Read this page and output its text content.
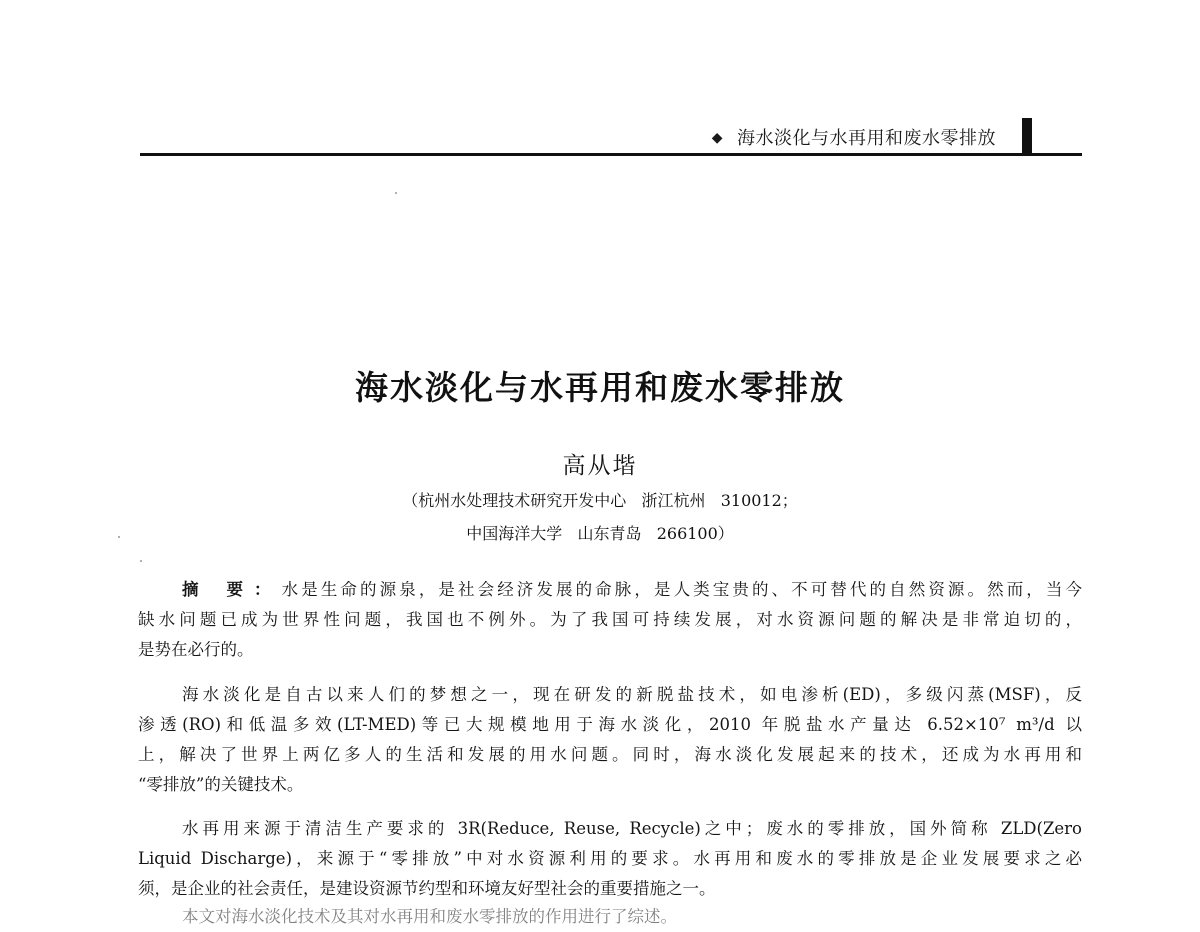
◆ 海水淡化与水再用和废水零排放
海水淡化与水再用和废水零排放
高从堦
（杭州水处理技术研究开发中心   浙江杭州   310012；
中国海洋大学   山东青岛   266100）
摘 要：水是生命的源泉，是社会经济发展的命脉，是人类宝贵的、不可替代的自然资源。然而，当今
缺水问题已成为世界性问题，我国也不例外。为了我国可持续发展，对水资源问题的解决是非常迫切的，
是势在必行的。
海水淡化是自古以来人们的梦想之一，现在研发的新脱盐技术，如电渗析(ED)，多级闪蒸(MSF)，反
渗透(RO)和低温多效(LT-MED)等已大规模地用于海水淡化，2010 年脱盐水产量达 6.52×10⁷ m³/d 以
上，解决了世界上两亿多人的生活和发展的用水问题。同时，海水淡化发展起来的技术，还成为水再用和
“零排放”的关键技术。
水再用来源于清洁生产要求的 3R(Reduce, Reuse, Recycle)之中；废水的零排放，国外简称 ZLD(Zero
Liquid Discharge)，来源于“零排放”中对水资源利用的要求。水再用和废水的零排放是企业发展要求之必
须，是企业的社会责任，是建设资源节约型和环境友好型社会的重要措施之一。
本文对海水淡化技术及其对水再用和废水零排放的作用进行了综述。
